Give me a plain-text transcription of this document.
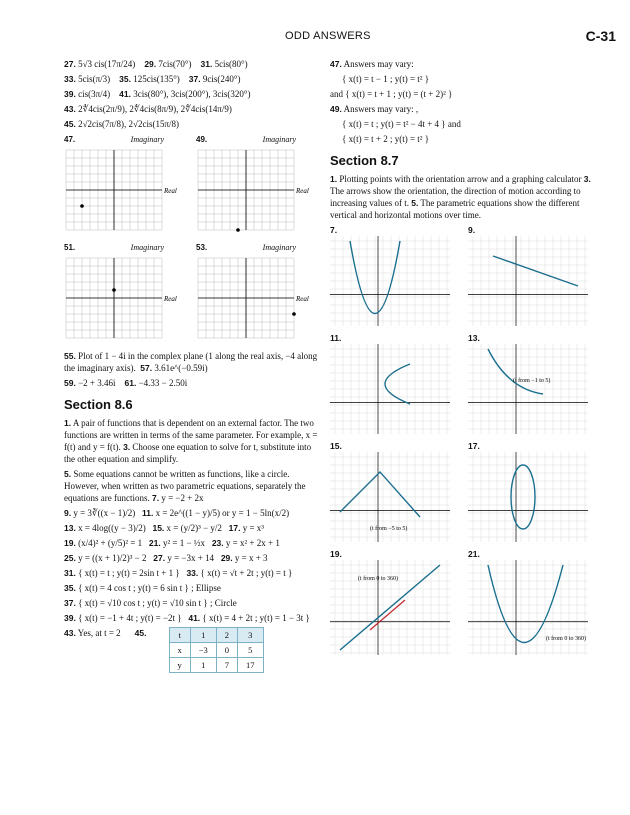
ODD ANSWERS	C-31
27. 5√3 cis(17π/24) 29. 7cis(70°) 31. 5cis(80°)
33. 5cis(π/3) 35. 125cis(135°) 37. 9cis(240°)
39. cis(3π/4) 41. 3cis(80°), 3cis(200°), 3cis(320°)
43. 2∜4cis(2π/9), 2∜4cis(8π/9), 2∜4cis(14π/9)
45. 2√2cis(7π/8), 2√2cis(15π/8)
47.	Imaginary
Real
49.	Imaginary
Real
51.	Imaginary
Real
53.	Imaginary
Real
55. Plot of 1 − 4i in the complex plane (1 along the real axis, −4 along the imaginary axis). 57. 3.61e^(−0.59i)
59. −2 + 3.46i 61. −4.33 − 2.50i
Section 8.6
1. A pair of functions that is dependent on an external factor. The two functions are written in terms of the same parameter. For example, x = f(t) and y = f(t). 3. Choose one equation to solve for t, substitute into the other equation and simplify.
5. Some equations cannot be written as functions, like a circle. However, when written as two parametric equations, separately the equations are functions. 7. y = −2 + 2x
9. y = 3∛((x − 1)/2) 11. x = 2e^((1 − y)/5) or y = 1 − 5ln(x/2)
13. x = 4log((y − 3)/2) 15. x = (y/2)³ − y/2 17. y = x³
19. (x/4)² + (y/5)² = 1 21. y² = 1 − ½x 23. y = x² + 2x + 1
25. y = ((x + 1)/2)³ − 2 27. y = −3x + 14 29. y = x + 3
31. { x(t) = t ; y(t) = 2sin t + 1 } 33. { x(t) = √t + 2t ; y(t) = t }
35. { x(t) = 4 cos t ; y(t) = 6 sin t } ; Ellipse
37. { x(t) = √10 cos t ; y(t) = √10 sin t } ; Circle
39. { x(t) = −1 + 4t ; y(t) = −2t } 41. { x(t) = 4 + 2t ; y(t) = 1 − 3t }
43. Yes, at t = 2 45.	t	1	2	3
x	−3	0	5
y	1	7	17
47. Answers may vary:
{ x(t) = t − 1 ; y(t) = t² }
and { x(t) = t + 1 ; y(t) = (t + 2)² }
49. Answers may vary: ,
{ x(t) = t ; y(t) = t² − 4t + 4 } and
{ x(t) = t + 2 ; y(t) = t² }
Section 8.7
1. Plotting points with the orientation arrow and a graphing calculator 3. The arrows show the orientation, the direction of motion according to increasing values of t. 5. The parametric equations show the different vertical and horizontal motions over time.
7.	9.
11.	13.
(t from −1 to 5)
15.
(t from −5 to 5)
17.
19.
(t from 0 to 360)
21.
(t from 0 to 360)
